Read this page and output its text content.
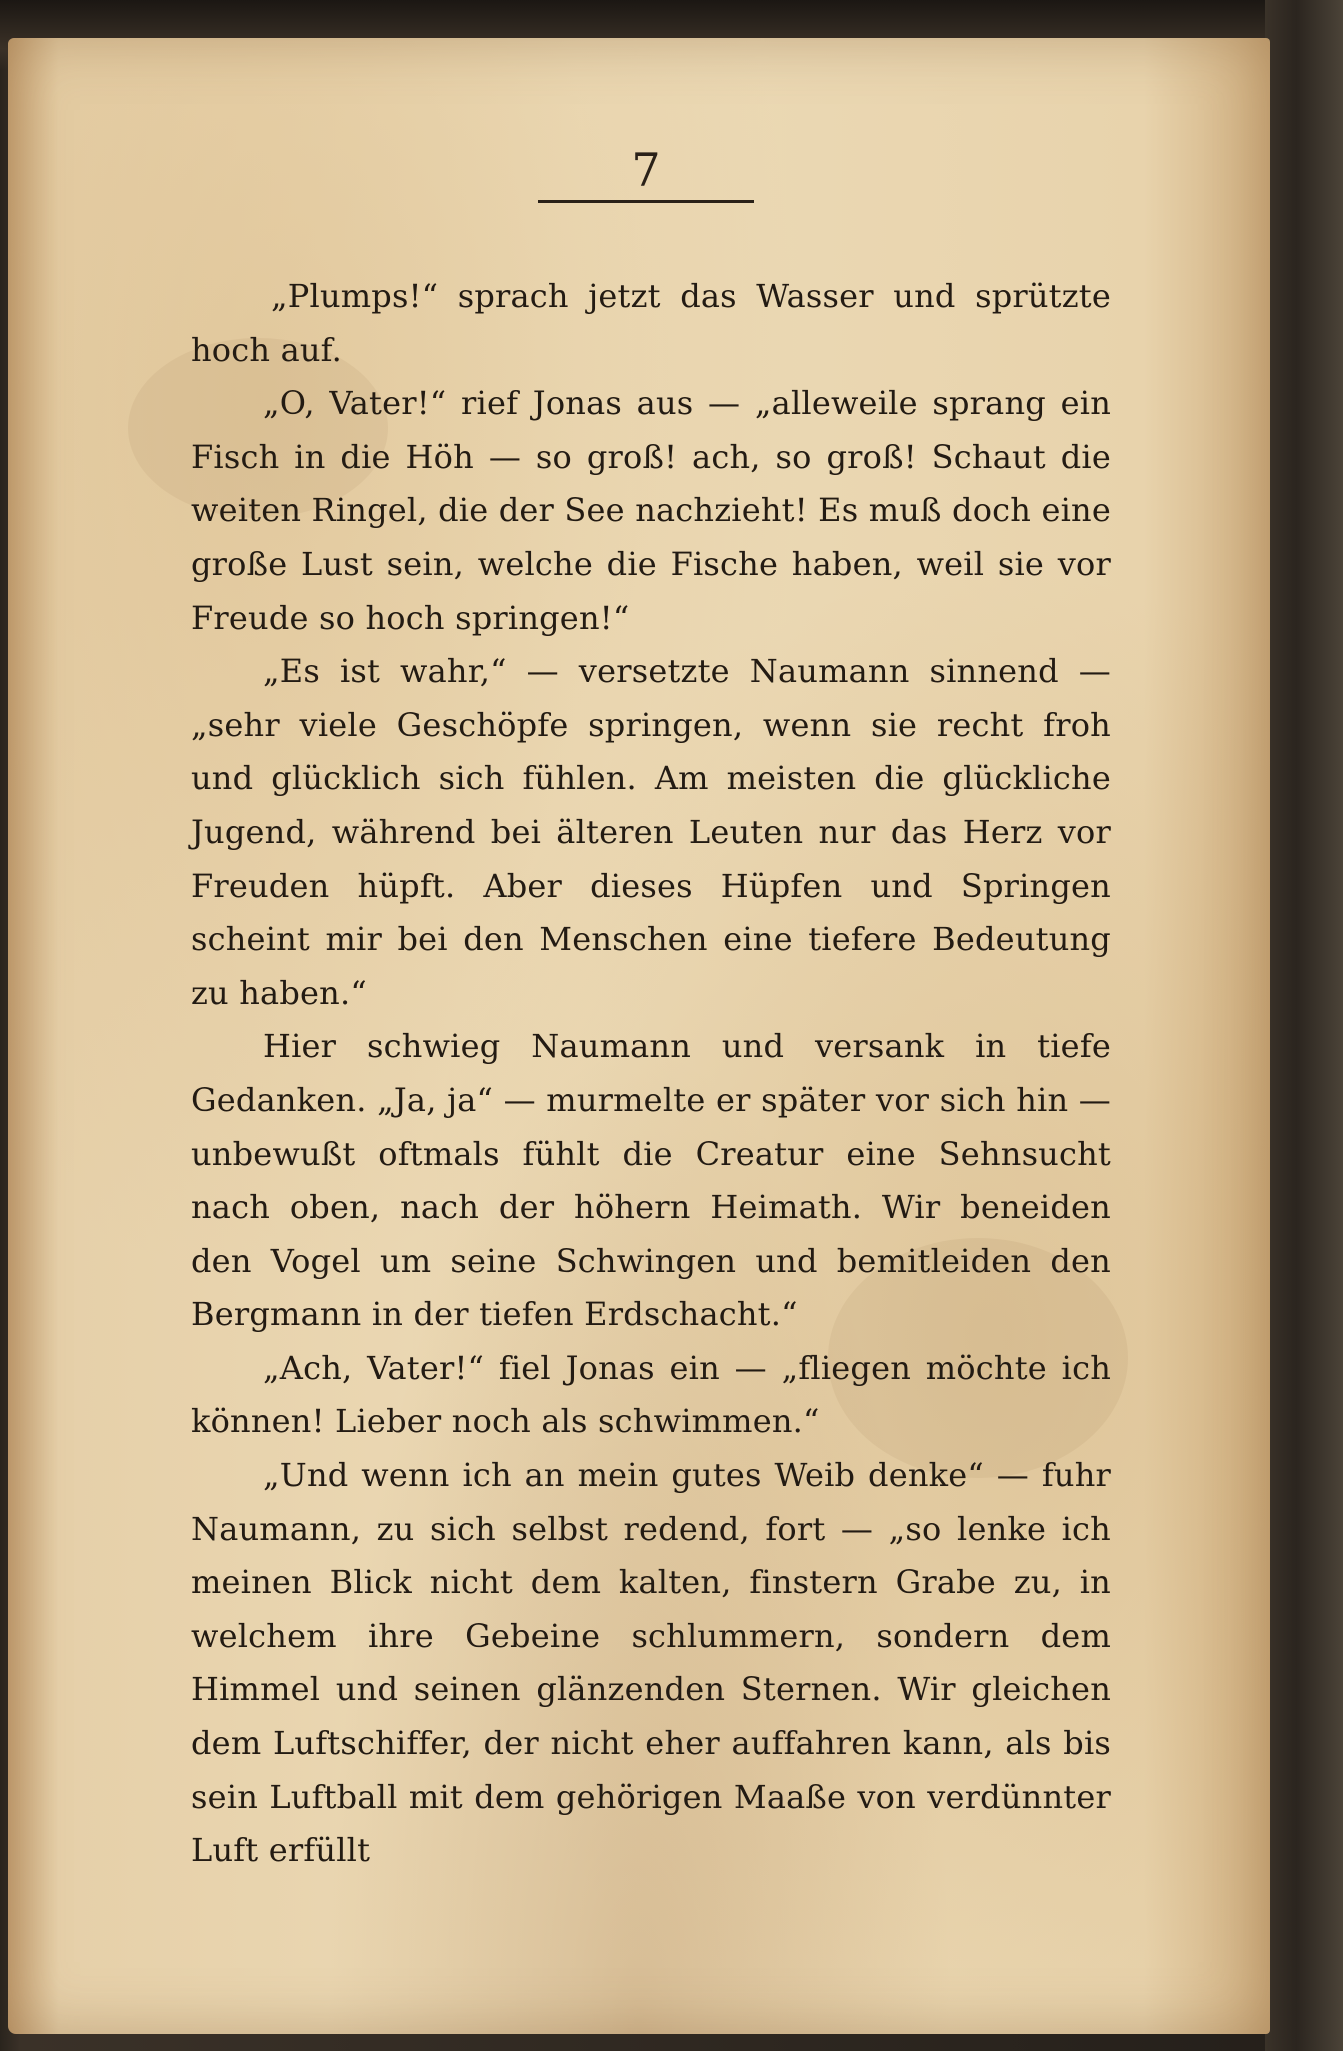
7

„Plumps!“ sprach jetzt das Wasser und sprützte hoch auf.

„O, Vater!“ rief Jonas aus — „alleweile sprang ein Fisch in die Höh — so groß! ach, so groß! Schaut die weiten Ringel, die der See nachzieht! Es muß doch eine große Lust sein, welche die Fische haben, weil sie vor Freude so hoch springen!“

„Es ist wahr,“ — versetzte Naumann sinnend — „sehr viele Geschöpfe springen, wenn sie recht froh und glücklich sich fühlen. Am meisten die glückliche Jugend, während bei älteren Leuten nur das Herz vor Freuden hüpft. Aber dieses Hüpfen und Springen scheint mir bei den Menschen eine tiefere Bedeutung zu haben.“

Hier schwieg Naumann und versank in tiefe Gedanken. „Ja, ja“ — murmelte er später vor sich hin — unbewußt oftmals fühlt die Creatur eine Sehnsucht nach oben, nach der höhern Heimath. Wir beneiden den Vogel um seine Schwingen und bemitleiden den Bergmann in der tiefen Erdschacht.“

„Ach, Vater!“ fiel Jonas ein — „fliegen möchte ich können! Lieber noch als schwimmen.“

„Und wenn ich an mein gutes Weib denke“ — fuhr Naumann, zu sich selbst redend, fort — „so lenke ich meinen Blick nicht dem kalten, finstern Grabe zu, in welchem ihre Gebeine schlummern, sondern dem Himmel und seinen glänzenden Sternen. Wir gleichen dem Luftschiffer, der nicht eher auffahren kann, als bis sein Luftball mit dem gehörigen Maaße von verdünnter Luft erfüllt
